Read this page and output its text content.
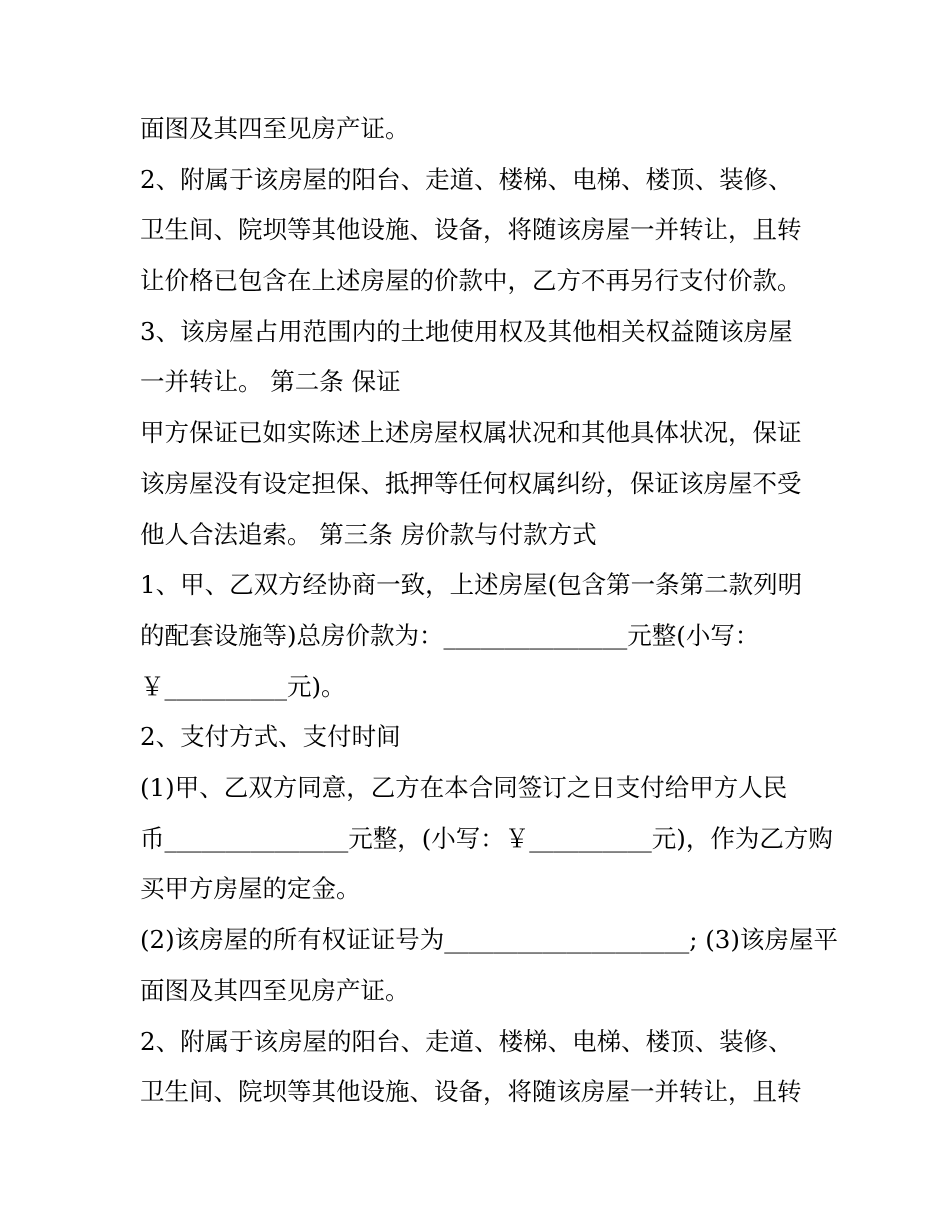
面图及其四至见房产证。
2、附属于该房屋的阳台、走道、楼梯、电梯、楼顶、装修、
卫生间、院坝等其他设施、设备，将随该房屋一并转让，且转
让价格已包含在上述房屋的价款中，乙方不再另行支付价款。
3、该房屋占用范围内的土地使用权及其他相关权益随该房屋
一并转让。 第二条 保证
甲方保证已如实陈述上述房屋权属状况和其他具体状况，保证
该房屋没有设定担保、抵押等任何权属纠纷，保证该房屋不受
他人合法追索。 第三条 房价款与付款方式
1、甲、乙双方经协商一致，上述房屋(包含第一条第二款列明
的配套设施等)总房价款为：_______________元整(小写：
￥__________元)。
2、支付方式、支付时间
(1)甲、乙双方同意，乙方在本合同签订之日支付给甲方人民
币_______________元整，(小写：￥__________元)，作为乙方购
买甲方房屋的定金。
(2)该房屋的所有权证证号为____________________; (3)该房屋平
面图及其四至见房产证。
2、附属于该房屋的阳台、走道、楼梯、电梯、楼顶、装修、
卫生间、院坝等其他设施、设备，将随该房屋一并转让，且转
